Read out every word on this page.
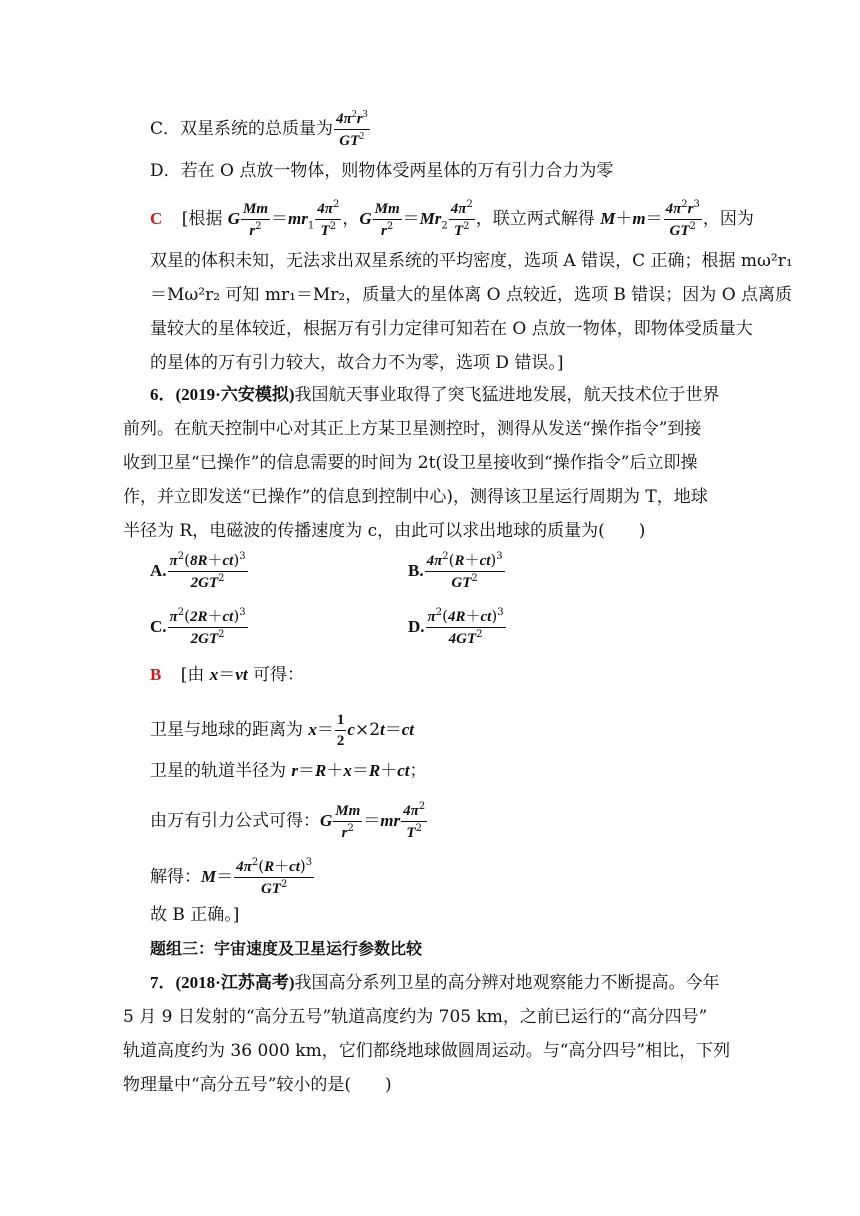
C．双星系统的总质量为 $\frac{4\pi^2r^3}{GT^2}$
D．若在 O 点放一物体，则物体受两星体的万有引力合力为零
C [根据 G $\frac{Mm}{r^2} =mr_1 \frac{4\pi^2}{T^2}$ ，G $\frac{Mm}{r^2} =Mr_2 \frac{4\pi^2}{T^2}$ ，联立两式解得 $M+m= \frac{4\pi^2r^3}{GT^2}$ ，因为
双星的体积未知，无法求出双星系统的平均密度，选项 A 错误，C 正确；根据 mω²r₁
＝Mω²r₂ 可知 mr₁＝Mr₂，质量大的星体离 O 点较近，选项 B 错误；因为 O 点离质
量较大的星体较近，根据万有引力定律可知若在 O 点放一物体，即物体受质量大
的星体的万有引力较大，故合力不为零，选项 D 错误。]
6．(2019·六安模拟)我国航天事业取得了突飞猛进地发展，航天技术位于世界
前列。在航天控制中心对其正上方某卫星测控时，测得从发送“操作指令”到接
收到卫星“已操作”的信息需要的时间为 2t(设卫星接收到“操作指令”后立即操
作，并立即发送“已操作”的信息到控制中心)，测得该卫星运行周期为 T，地球
半径为 R，电磁波的传播速度为 c，由此可以求出地球的质量为(　　)
A. $\frac{\pi^2(8R+ct)^3}{2GT^2}$	B. $\frac{4\pi^2(R+ct)^3}{GT^2}$
C. $\frac{\pi^2(2R+ct)^3}{2GT^2}$	D. $\frac{\pi^2(4R+ct)^3}{4GT^2}$
B [由 x＝vt 可得：
卫星与地球的距离为 $x= \frac{1}{2} c\times 2t=ct$
卫星的轨道半径为 r＝R＋x＝R＋ct；
由万有引力公式可得：G $\frac{Mm}{r^2} =mr \frac{4\pi^2}{T^2}$
解得：$M= \frac{4\pi^2(R+ct)^3}{GT^2}$
故 B 正确。]
题组三：宇宙速度及卫星运行参数比较
7．(2018·江苏高考)我国高分系列卫星的高分辨对地观察能力不断提高。今年
5 月 9 日发射的“高分五号”轨道高度约为 705 km，之前已运行的“高分四号”
轨道高度约为 36 000 km，它们都绕地球做圆周运动。与“高分四号”相比，下列
物理量中“高分五号”较小的是(　　)
